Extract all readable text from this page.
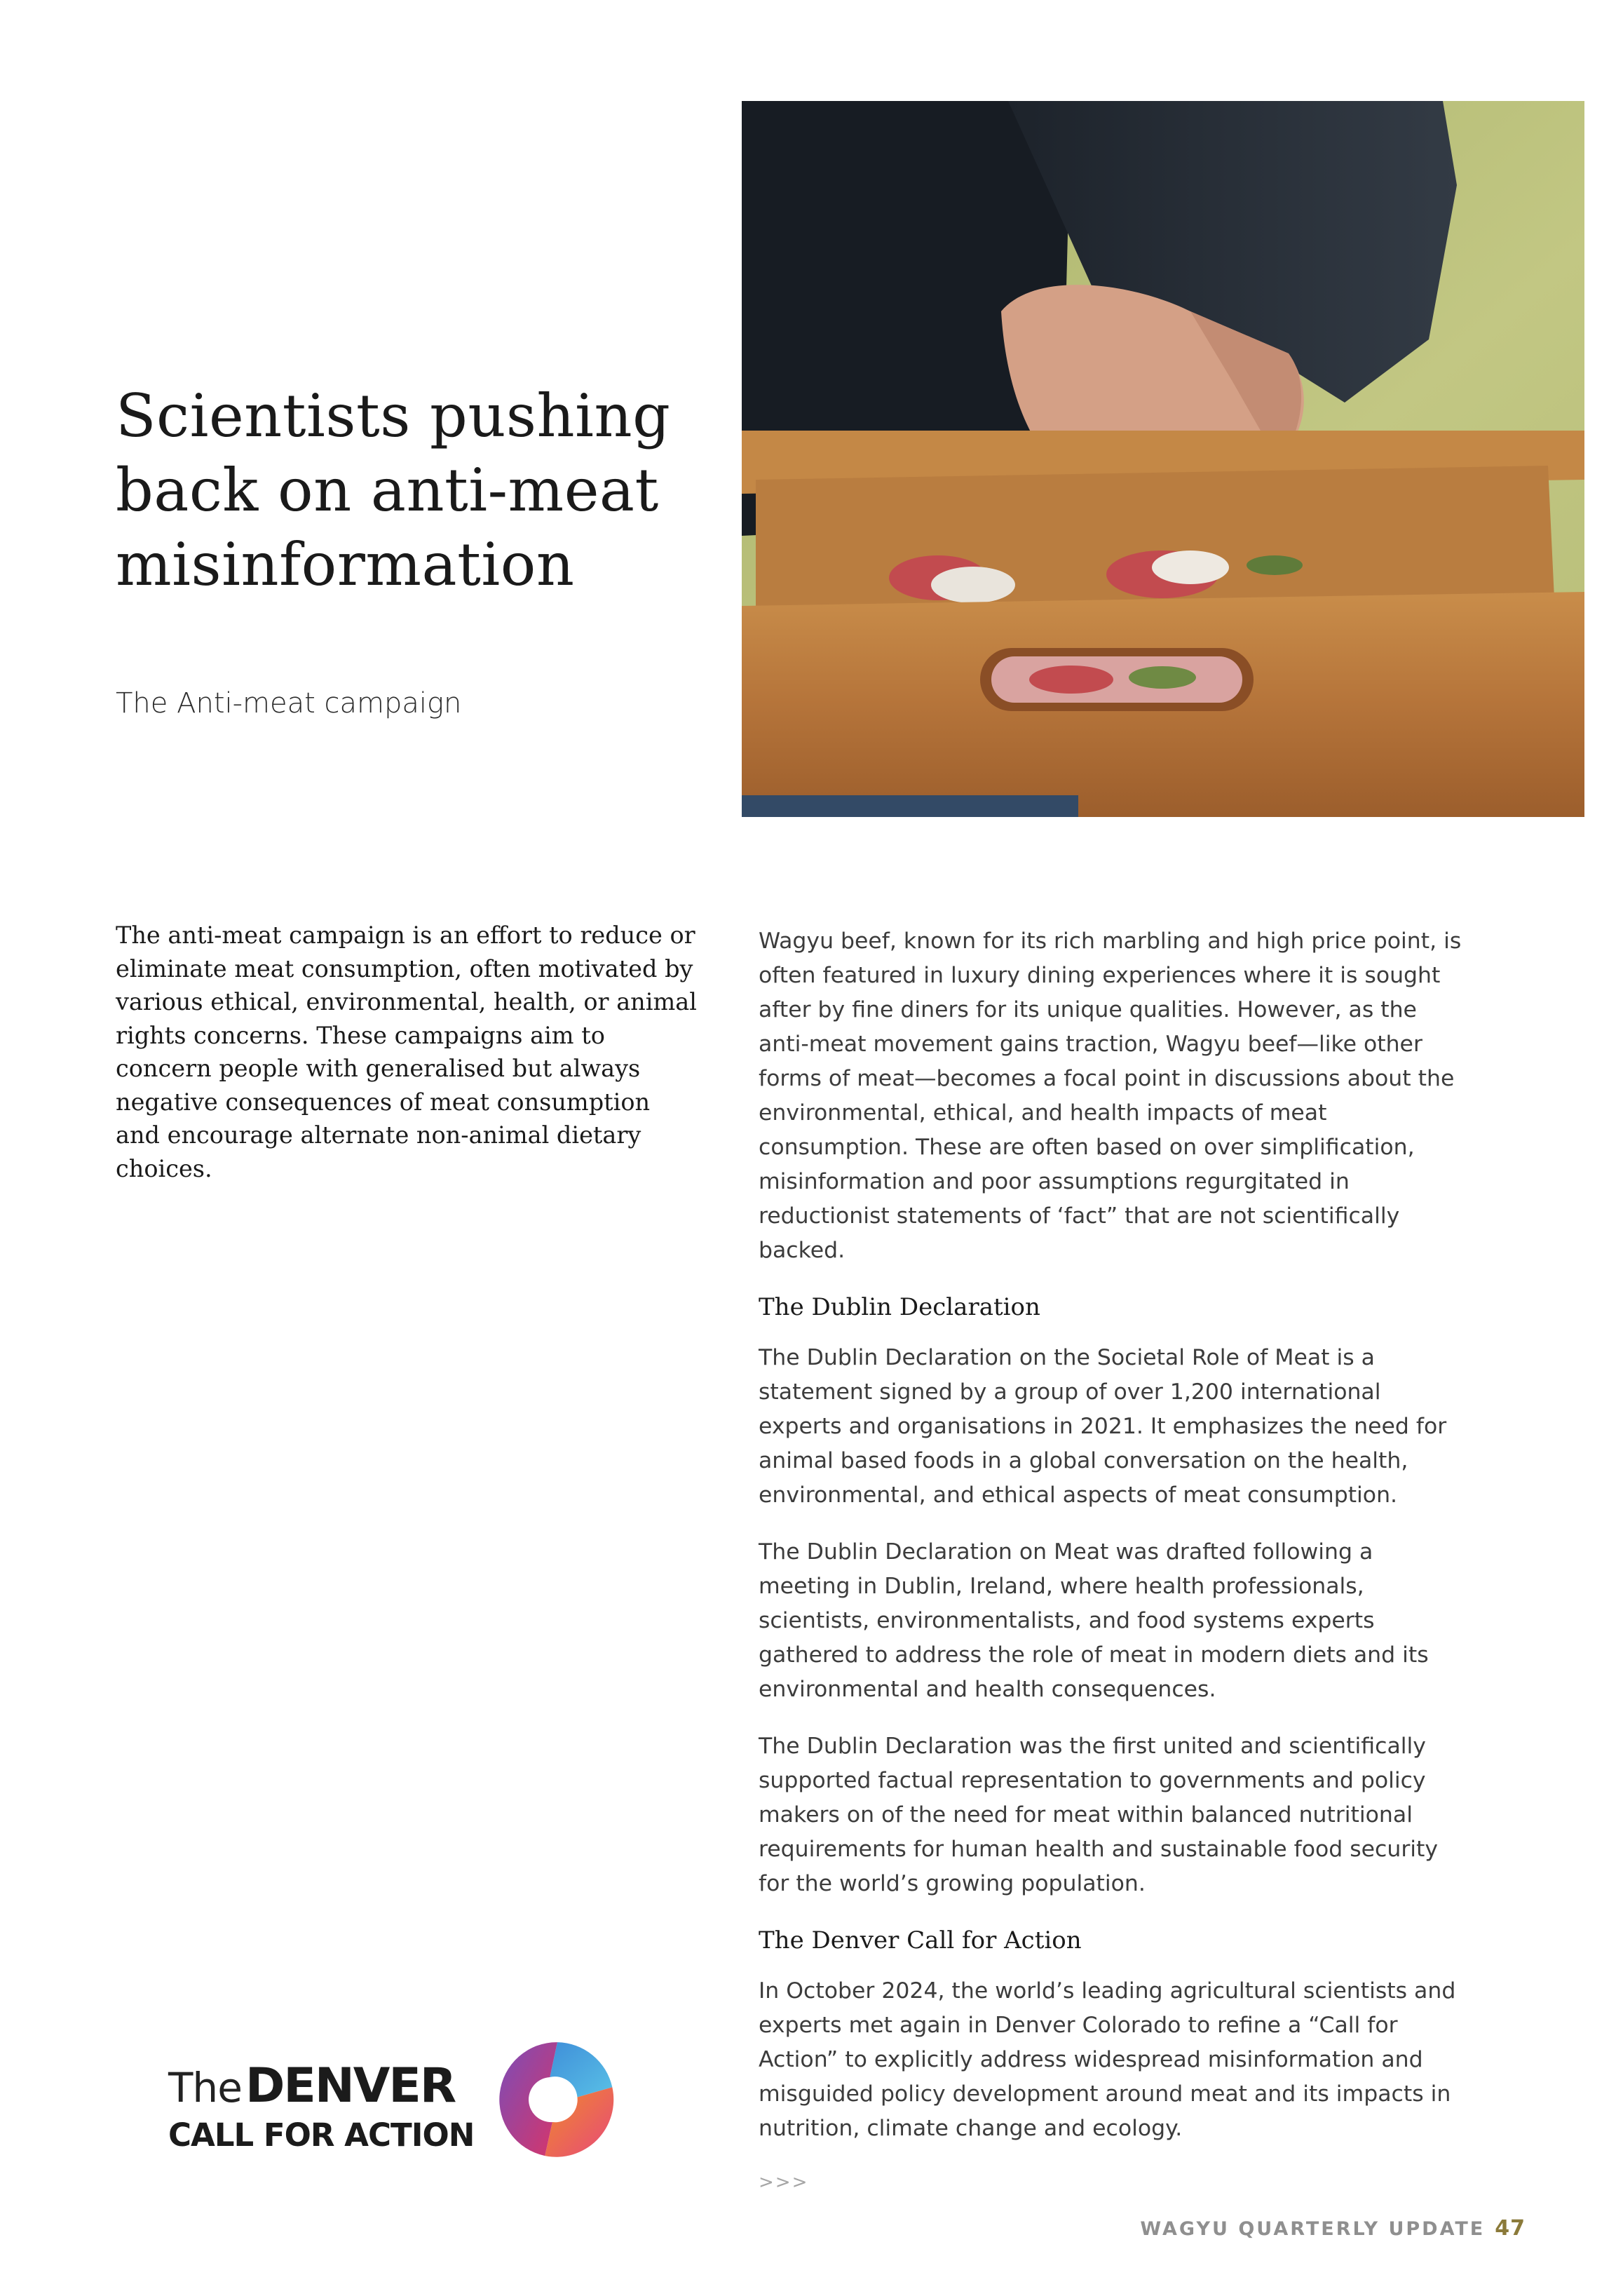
Scientists pushing back on anti-meat misinformation

The Anti-meat campaign

The anti-meat campaign is an effort to reduce or eliminate meat consumption, often motivated by various ethical, environmental, health, or animal rights concerns. These campaigns aim to concern people with generalised but always negative consequences of meat consumption and encourage alternate non-animal dietary choices.

Wagyu beef, known for its rich marbling and high price point, is often featured in luxury dining experiences where it is sought after by fine diners for its unique qualities. However, as the anti-meat movement gains traction, Wagyu beef—like other forms of meat—becomes a focal point in discussions about the environmental, ethical, and health impacts of meat consumption. These are often based on over simplification, misinformation and poor assumptions regurgitated in reductionist statements of ‘fact” that are not scientifically backed.

The Dublin Declaration

The Dublin Declaration on the Societal Role of Meat is a statement signed by a group of over 1,200 international experts and organisations in 2021. It emphasizes the need for animal based foods in a global conversation on the health, environmental, and ethical aspects of meat consumption.

The Dublin Declaration on Meat was drafted following a meeting in Dublin, Ireland, where health professionals, scientists, environmentalists, and food systems experts gathered to address the role of meat in modern diets and its environmental and health consequences.

The Dublin Declaration was the first united and scientifically supported factual representation to governments and policy makers on of the need for meat within balanced nutritional requirements for human health and sustainable food security for the world’s growing population.

The Denver Call for Action

In October 2024, the world’s leading agricultural scientists and experts met again in Denver Colorado to refine a “Call for Action” to explicitly address widespread misinformation and misguided policy development around meat and its impacts in nutrition, climate change and ecology.

>>>
The DENVER
CALL FOR ACTION
WAGYU QUARTERLY UPDATE 47
